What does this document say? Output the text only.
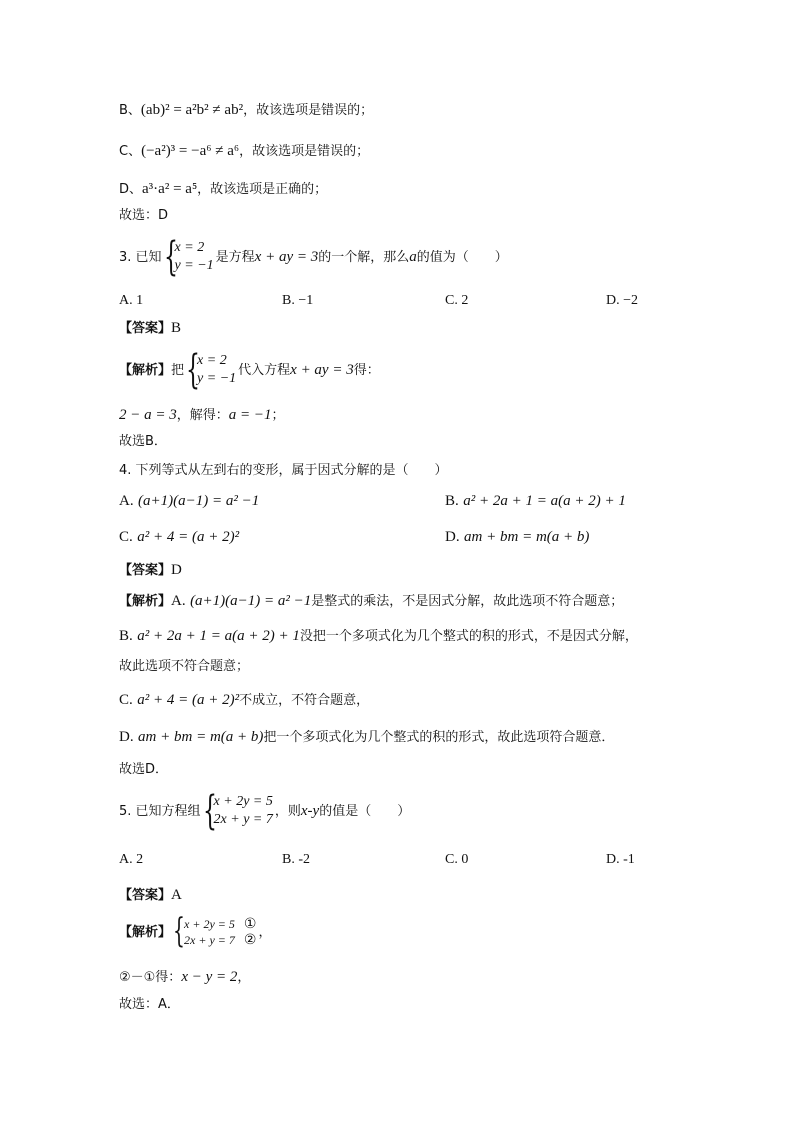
B、(ab)² = a²b² ≠ ab²，故该选项是错误的；
C、(−a²)³ = −a⁶ ≠ a⁶，故该选项是错误的；
D、a³·a² = a⁵，故该选项是正确的；
故选：D
3. 已知 {
x = 2
y = −1
是方程x + ay = 3的一个解，那么a的值为（　　）
A. 1	B. −1	C. 2	D. −2
【答案】B
【解析】把 {
x = 2
y = −1
代入方程x + ay = 3得：
2 − a = 3，解得：a = −1；
故选B．
4. 下列等式从左到右的变形，属于因式分解的是（　　）
A. (a+1)(a−1) = a² −1	B. a² + 2a + 1 = a(a + 2) + 1
C. a² + 4 = (a + 2)²	D. am + bm = m(a + b)
【答案】D
【解析】A. (a+1)(a−1) = a² −1是整式的乘法，不是因式分解，故此选项不符合题意；
B. a² + 2a + 1 = a(a + 2) + 1没把一个多项式化为几个整式的积的形式，不是因式分解，
故此选项不符合题意；
C. a² + 4 = (a + 2)²不成立，不符合题意，
D. am + bm = m(a + b)把一个多项式化为几个整式的积的形式，故此选项符合题意．
故选D．
5. 已知方程组 {
x + 2y = 5
2x + y = 7
，则x-y的值是（　　）
A. 2	B. -2	C. 0	D. -1
【答案】A
【解析】 { x + 2y = 5 ①
2x + y = 7 ② ，
②－①得：x − y = 2，
故选：A．
